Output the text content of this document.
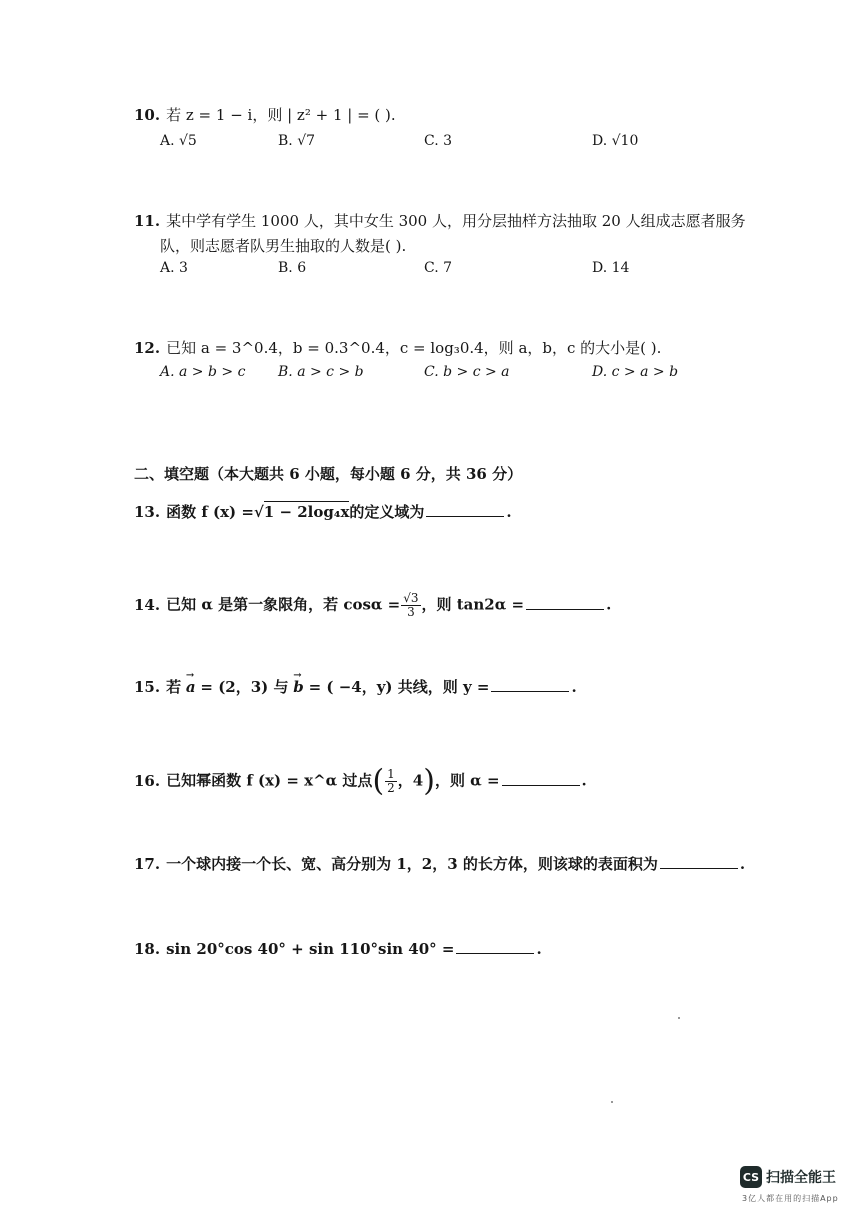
10. 若 z = 1 − i，则 | z² + 1 | = ( ).
A. √5	B. √7	C. 3	D. √10
11. 某中学有学生 1000 人，其中女生 300 人，用分层抽样方法抽取 20 人组成志愿者服务
队，则志愿者队男生抽取的人数是( ).
A. 3	B. 6	C. 7	D. 14
12. 已知 a = 3^0.4，b = 0.3^0.4，c = log₃0.4，则 a，b，c 的大小是( ).
A. a > b > c B. a > c > b	C. b > c > a	D. c > a > b
二、填空题（本大题共 6 小题，每小题 6 分，共 36 分）
13. 函数 f (x) =√1 − 2log₄x的定义域为	.
14. 已知 α 是第一象限角，若 $\cos\alpha = \frac{√3}{3}$ ，则 tan2α =	.
15. 若 → a = (2，3) 与 → b = ( −4，y) 共线，则 y =	.
16. 已知幂函数 f (x) = x^α 过点( $\frac{1}{2}$ ，4)，则 α =	.
17. 一个球内接一个长、宽、高分别为 1，2，3 的长方体，则该球的表面积为	.
18. sin 20°cos 40° + sin 110°sin 40° =	.
CS 扫描全能王
3亿人都在用的扫描App
